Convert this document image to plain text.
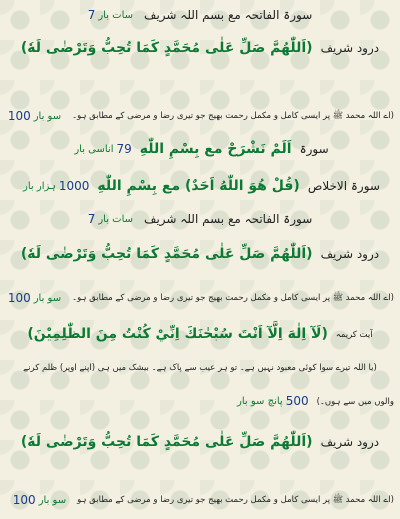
سورۃ الفاتحہ مع بسم اللہ شریف
سات بار
7
درود شریف
(اَللّٰهُمَّ صَلِّ عَلٰى مُحَمَّدٍ كَمَا تُحِبُّ وَتَرْضٰى لَهٗ)
(اے اللہ محمد ﷺ پر ایسی کامل و مکمل رحمت بھیج جو تیری رضا و مرضی کے مطابق ہو۔
سو بار
100
سورۃ
اَلَمْ نَشْرَحْ مع بِسْمِ اللّٰهِ
79
اناسی بار
سورۃ الاخلاص
(قُلْ هُوَ اللّٰهُ اَحَدٌ) مع بِسْمِ اللّٰهِ
1000
ہزار بار
سورۃ الفاتحہ مع بسم اللہ شریف
سات بار
7
درود شریف
(اَللّٰهُمَّ صَلِّ عَلٰى مُحَمَّدٍ كَمَا تُحِبُّ وَتَرْضٰى لَهٗ)
(اے اللہ محمد ﷺ پر ایسی کامل و مکمل رحمت بھیج جو تیری رضا و مرضی کے مطابق ہو۔
سو بار
100
آیت کریمہ
(لَآ اِلٰهَ اِلَّآ اَنْتَ سُبْحٰنَكَ اِنِّيْ كُنْتُ مِنَ الظّٰلِمِيْنَ)
(یا اللہ تیرے سوا کوئی معبود نہیں ہے۔ تو ہر عیب سے پاک ہے۔ بیشک میں ہی (اپنے اوپر) ظلم کرنے
والوں میں سے ہوں۔)
500
پانچ سو بار
درود شریف
(اَللّٰهُمَّ صَلِّ عَلٰى مُحَمَّدٍ كَمَا تُحِبُّ وَتَرْضٰى لَهٗ)
(اے اللہ محمد ﷺ پر ایسی کامل و مکمل رحمت بھیج جو تیری رضا و مرضی کے مطابق ہو
سو بار
100
